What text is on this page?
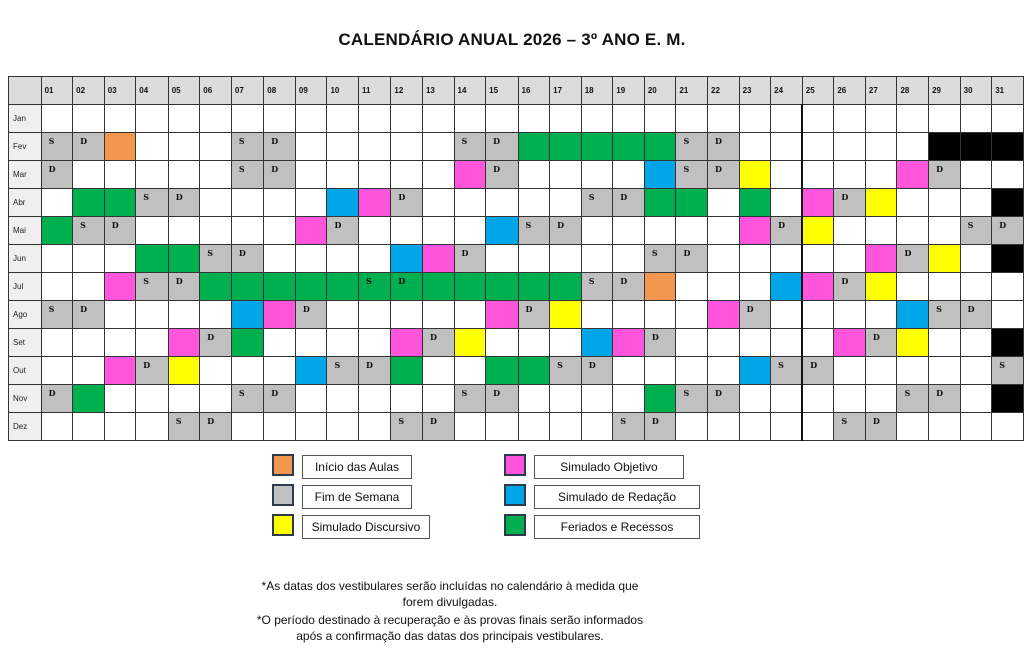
CALENDÁRIO ANUAL 2026 – 3º ANO E. M.
	01	02	03	04	05	06	07	08	09	10	11	12	13	14	15	16	17	18	19	20	21	22	23	24	25	26	27	28	29	30	31
Jan																															
Fev	S	D					S	D						S	D						S	D									

Mar	D						S	D							D						S	D							D		

Abr				S	D							D						S	D							D					

Mai		S	D							D						S	D							D						S	D

Jun						S	D							D						S	D							D			

Jul				S	D						S	D						S	D							D					

Ago	S	D							D							D							D						S	D	

Set						D							D							D							D				

Out				D						S	D						S	D						S	D						S

Nov	D						S	D						S	D						S	D						S	D		

Dez					S	D						S	D						S	D						S	D				

Início das Aulas
Fim de Semana
Simulado Discursivo
Simulado Objetivo
Simulado de Redação
Feriados e Recessos
*As datas dos vestibulares serão incluídas no calendário à medida que
forem divulgadas.
*O período destinado à recuperação e às provas finais serão informados
após a confirmação das datas dos principais vestibulares.
